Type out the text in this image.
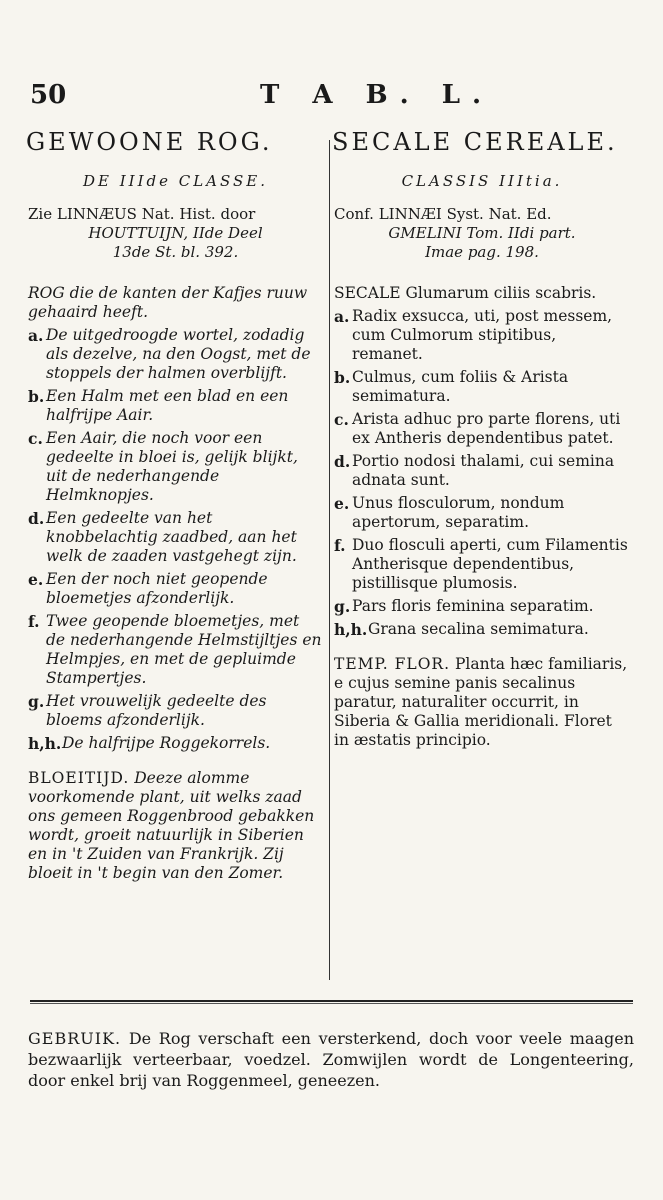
50	T A B. L.
GEWOONE ROG. SECALE CEREALE.
DE IIIde CLASSE.
Zie LINNÆUS Nat. Hist. door
HOUTTUIJN, IIde Deel
13de St. bl. 392.
ROG die de kanten der Kafjes ruuw gehaaird heeft.
a. De uitgedroogde wortel, zodadig als dezelve, na den Oogst, met de stoppels der halmen overblijft.
b. Een Halm met een blad en een halfrijpe Aair.
c. Een Aair, die noch voor een gedeelte in bloei is, gelijk blijkt, uit de nederhangende Helmknopjes.
d. Een gedeelte van het knobbelachtig zaadbed, aan het welk de zaaden vastgehegt zijn.
e. Een der noch niet geopende bloemetjes afzonderlijk.
f. Twee geopende bloemetjes, met de nederhangende Helmstijltjes en Helmpjes, en met de gepluimde Stampertjes.
g. Het vrouwelijk gedeelte des bloems afzonderlijk.
h,h. De halfrijpe Roggekorrels.
BLOEITIJD. Deeze alomme voorkomende plant, uit welks zaad ons gemeen Roggenbrood gebakken wordt, groeit natuurlijk in Siberien en in 't Zuiden van Frankrijk. Zij bloeit in 't begin van den Zomer.
CLASSIS IIItia.
Conf. LINNÆI Syst. Nat. Ed.
GMELINI Tom. IIdi part.
Imae pag. 198.
SECALE Glumarum ciliis scabris.
a. Radix exsucca, uti, post messem, cum Culmorum stipitibus, remanet.
b. Culmus, cum foliis & Arista semimatura.
c. Arista adhuc pro parte florens, uti ex Antheris dependentibus patet.
d. Portio nodosi thalami, cui semina adnata sunt.
e. Unus flosculorum, nondum apertorum, separatim.
f. Duo flosculi aperti, cum Filamentis Antherisque dependentibus, pistillisque plumosis.
g. Pars floris feminina separatim.
h,h. Grana secalina semimatura.
TEMP. FLOR. Planta hæc familiaris, e cujus semine panis secalinus paratur, naturaliter occurrit, in Siberia & Gallia meridionali. Floret in æstatis principio.
GEBRUIK. De Rog verschaft een versterkend, doch voor veele maagen bezwaarlijk verteerbaar, voedzel. Zomwijlen wordt de Longenteering, door enkel brij van Roggenmeel, geneezen.
